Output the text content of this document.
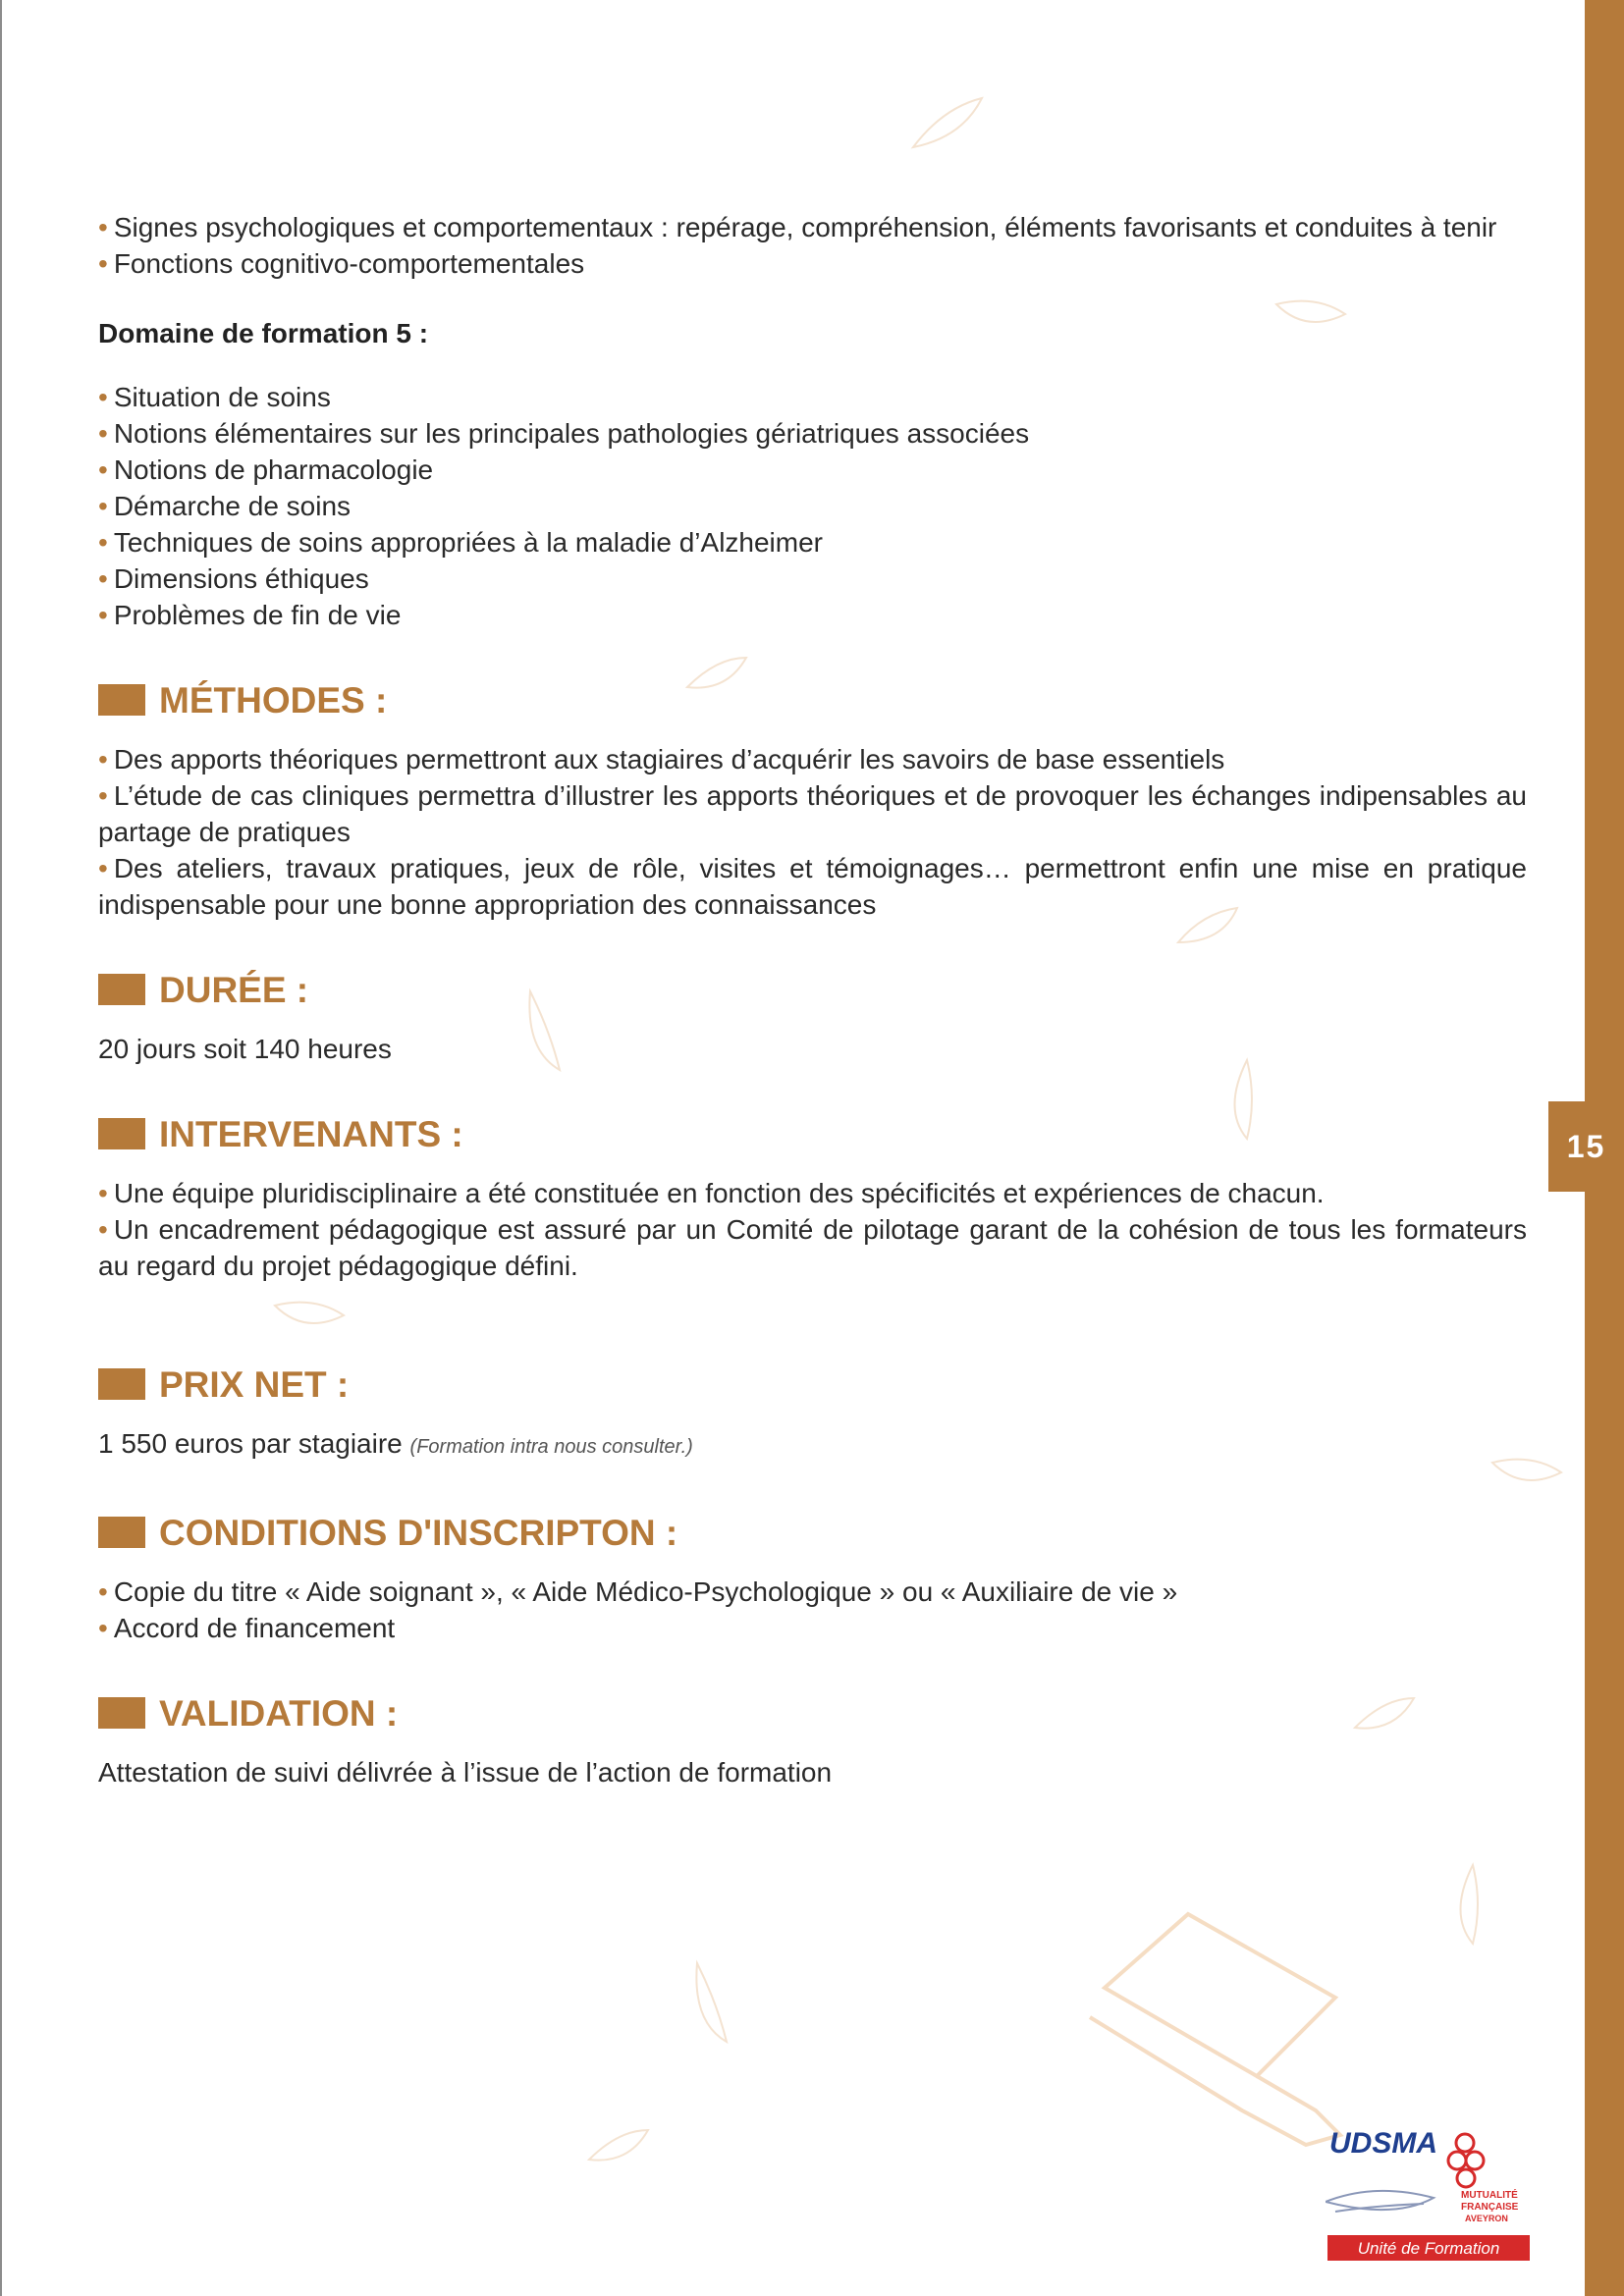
15

• Signes psychologiques et comportementaux : repérage, compréhension, éléments favorisants et conduites à tenir

• Fonctions cognitivo-comportementales

Domaine de formation 5 :

• Situation de soins

• Notions élémentaires sur les principales pathologies gériatriques associées

• Notions de pharmacologie

• Démarche de soins

• Techniques de soins appropriées à la maladie d’Alzheimer

• Dimensions éthiques

• Problèmes de fin de vie

MÉTHODES :

• Des apports théoriques permettront aux stagiaires d’acquérir les savoirs de base essentiels

• L’étude de cas cliniques permettra d’illustrer les apports théoriques et de provoquer les échanges indipensables au partage de pratiques

• Des ateliers, travaux pratiques, jeux de rôle, visites et témoignages… permettront enfin une mise en pratique indispensable pour une bonne appropriation des connaissances

DURÉE :

20 jours soit 140 heures

INTERVENANTS :

• Une équipe pluridisciplinaire a été constituée en fonction des spécificités et expériences de chacun.

• Un encadrement pédagogique est assuré par un Comité de pilotage garant de la cohésion de tous les formateurs au regard du projet pédagogique défini.

PRIX NET :

1 550 euros par stagiaire (Formation intra nous consulter.)

CONDITIONS D'INSCRIPTON :

• Copie du titre « Aide soignant », « Aide Médico-Psychologique » ou « Auxiliaire de vie »

• Accord de financement

VALIDATION :

Attestation de suivi délivrée à l’issue de l’action de formation

UDSMA
MUTUALITÉ
FRANÇAISE
AVEYRON
Unité de Formation
